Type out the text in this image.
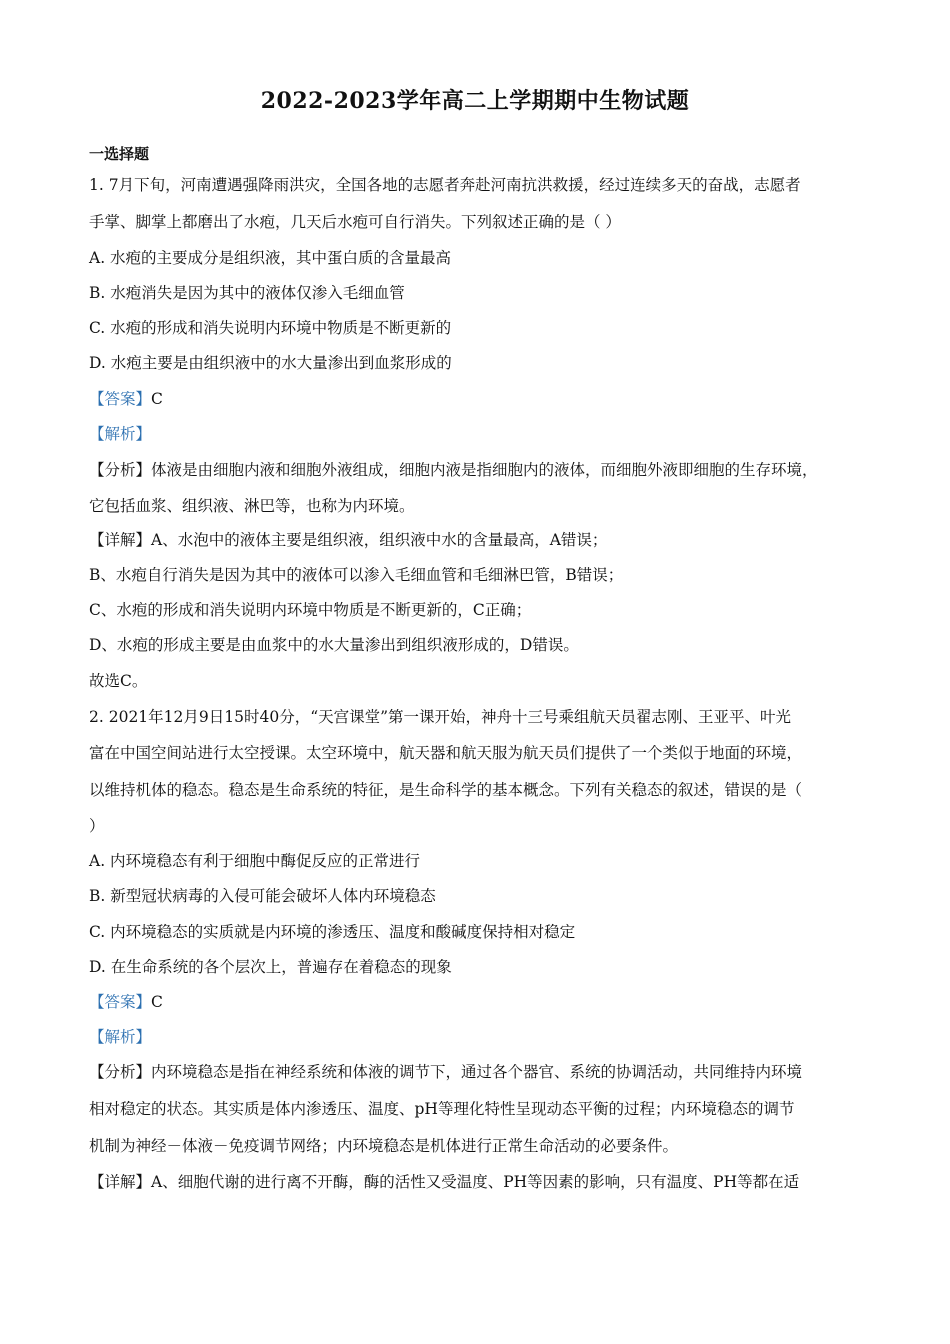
2022-2023学年高二上学期期中生物试题
一选择题
1. 7月下旬，河南遭遇强降雨洪灾，全国各地的志愿者奔赴河南抗洪救援，经过连续多天的奋战，志愿者
手掌、脚掌上都磨出了水疱，几天后水疱可自行消失。下列叙述正确的是（ ）
A. 水疱的主要成分是组织液，其中蛋白质的含量最高
B. 水疱消失是因为其中的液体仅渗入毛细血管
C. 水疱的形成和消失说明内环境中物质是不断更新的
D. 水疱主要是由组织液中的水大量渗出到血浆形成的
【答案】C
【解析】
【分析】体液是由细胞内液和细胞外液组成，细胞内液是指细胞内的液体，而细胞外液即细胞的生存环境，
它包括血浆、组织液、淋巴等，也称为内环境。
【详解】A、水泡中的液体主要是组织液，组织液中水的含量最高，A错误；
B、水疱自行消失是因为其中的液体可以渗入毛细血管和毛细淋巴管，B错误；
C、水疱的形成和消失说明内环境中物质是不断更新的，C正确；
D、水疱的形成主要是由血浆中的水大量渗出到组织液形成的，D错误。
故选C。
2. 2021年12月9日15时40分，“天宫课堂”第一课开始，神舟十三号乘组航天员翟志刚、王亚平、叶光
富在中国空间站进行太空授课。太空环境中，航天器和航天服为航天员们提供了一个类似于地面的环境，
以维持机体的稳态。稳态是生命系统的特征，是生命科学的基本概念。下列有关稳态的叙述，错误的是（
）
A. 内环境稳态有利于细胞中酶促反应的正常进行
B. 新型冠状病毒的入侵可能会破坏人体内环境稳态
C. 内环境稳态的实质就是内环境的渗透压、温度和酸碱度保持相对稳定
D. 在生命系统的各个层次上，普遍存在着稳态的现象
【答案】C
【解析】
【分析】内环境稳态是指在神经系统和体液的调节下，通过各个器官、系统的协调活动，共同维持内环境
相对稳定的状态。其实质是体内渗透压、温度、pH等理化特性呈现动态平衡的过程；内环境稳态的调节
机制为神经－体液－免疫调节网络；内环境稳态是机体进行正常生命活动的必要条件。
【详解】A、细胞代谢的进行离不开酶，酶的活性又受温度、PH等因素的影响，只有温度、PH等都在适
